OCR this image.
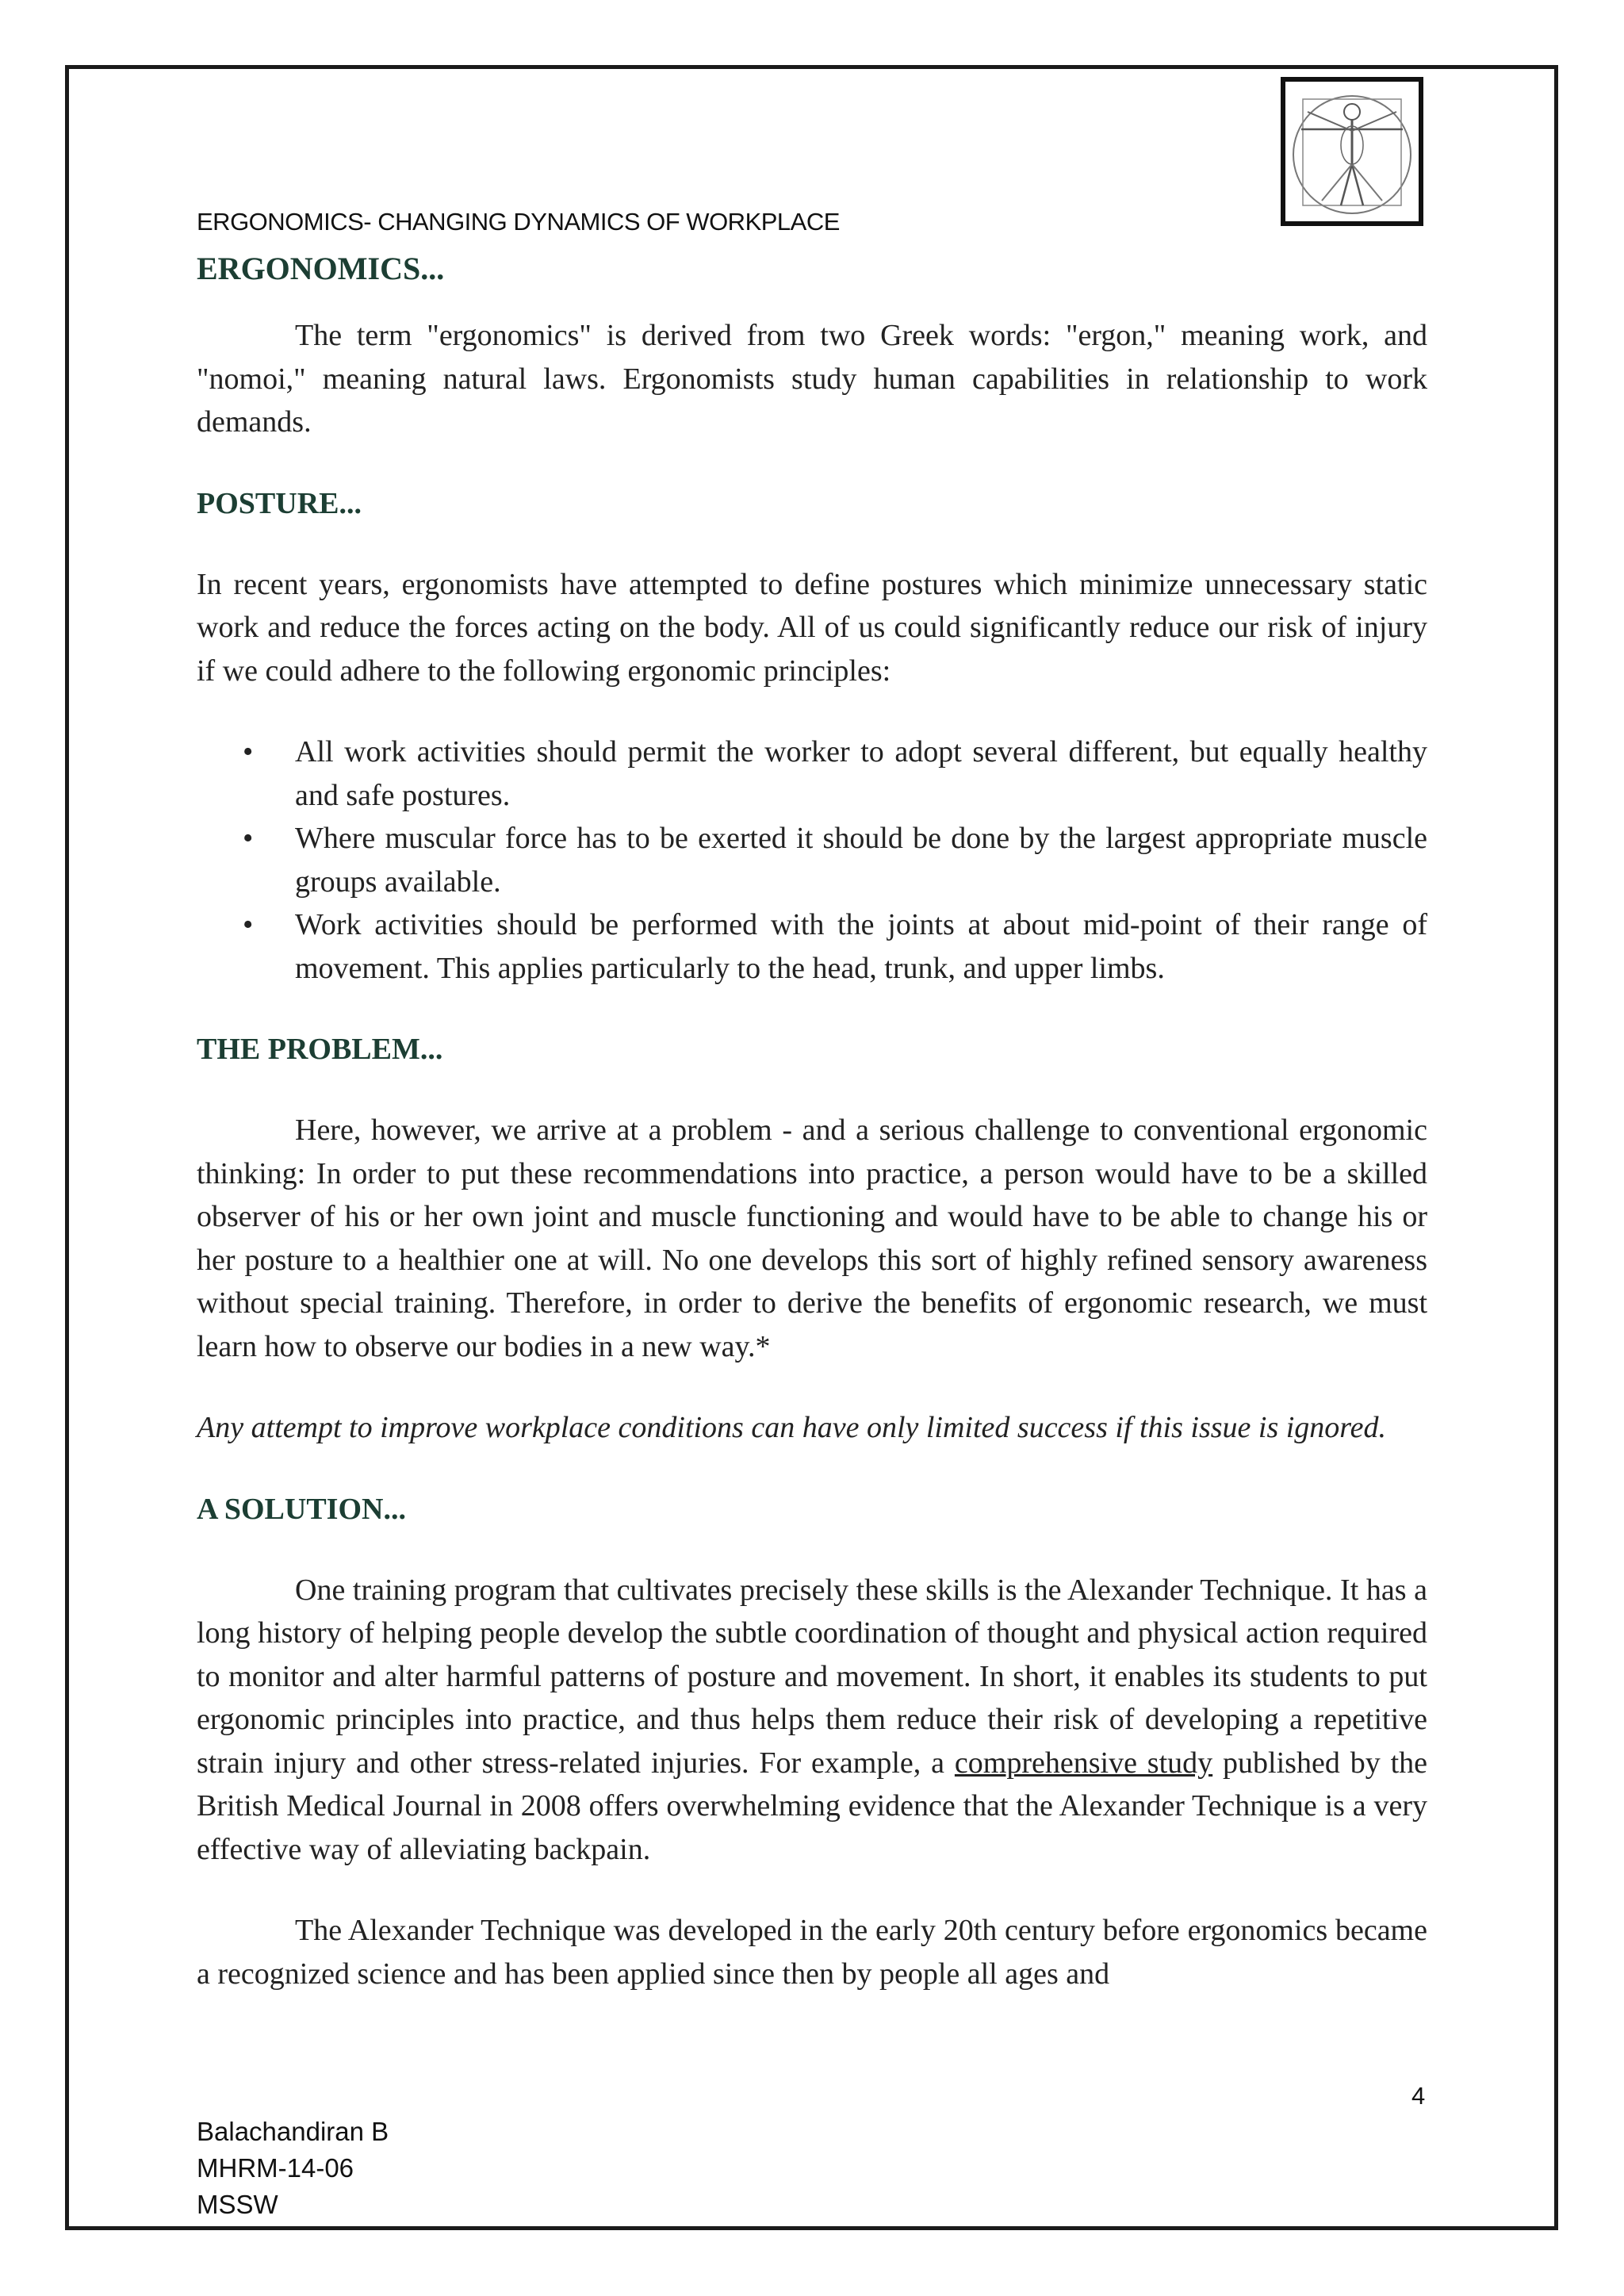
ERGONOMICS- CHANGING DYNAMICS OF WORKPLACE
ERGONOMICS...

The term "ergonomics" is derived from two Greek words: "ergon," meaning work, and "nomoi," meaning natural laws. Ergonomists study human capabilities in relationship to work demands.

POSTURE...

In recent years, ergonomists have attempted to define postures which minimize unnecessary static work and reduce the forces acting on the body. All of us could significantly reduce our risk of injury if we could adhere to the following ergonomic principles:

• All work activities should permit the worker to adopt several different, but equally healthy and safe postures.
• Where muscular force has to be exerted it should be done by the largest appropriate muscle groups available.
• Work activities should be performed with the joints at about mid-point of their range of movement. This applies particularly to the head, trunk, and upper limbs.
THE PROBLEM...

Here, however, we arrive at a problem - and a serious challenge to conventional ergonomic thinking: In order to put these recommendations into practice, a person would have to be a skilled observer of his or her own joint and muscle functioning and would have to be able to change his or her posture to a healthier one at will. No one develops this sort of highly refined sensory awareness without special training. Therefore, in order to derive the benefits of ergonomic research, we must learn how to observe our bodies in a new way.*

Any attempt to improve workplace conditions can have only limited success if this issue is ignored.

A SOLUTION...

One training program that cultivates precisely these skills is the Alexander Technique. It has a long history of helping people develop the subtle coordination of thought and physical action required to monitor and alter harmful patterns of posture and movement. In short, it enables its students to put ergonomic principles into practice, and thus helps them reduce their risk of developing a repetitive strain injury and other stress-related injuries. For example, a comprehensive study published by the British Medical Journal in 2008 offers overwhelming evidence that the Alexander Technique is a very effective way of alleviating backpain.

The Alexander Technique was developed in the early 20th century before ergonomics became a recognized science and has been applied since then by people all ages and

4
Balachandiran B
MHRM-14-06
MSSW
